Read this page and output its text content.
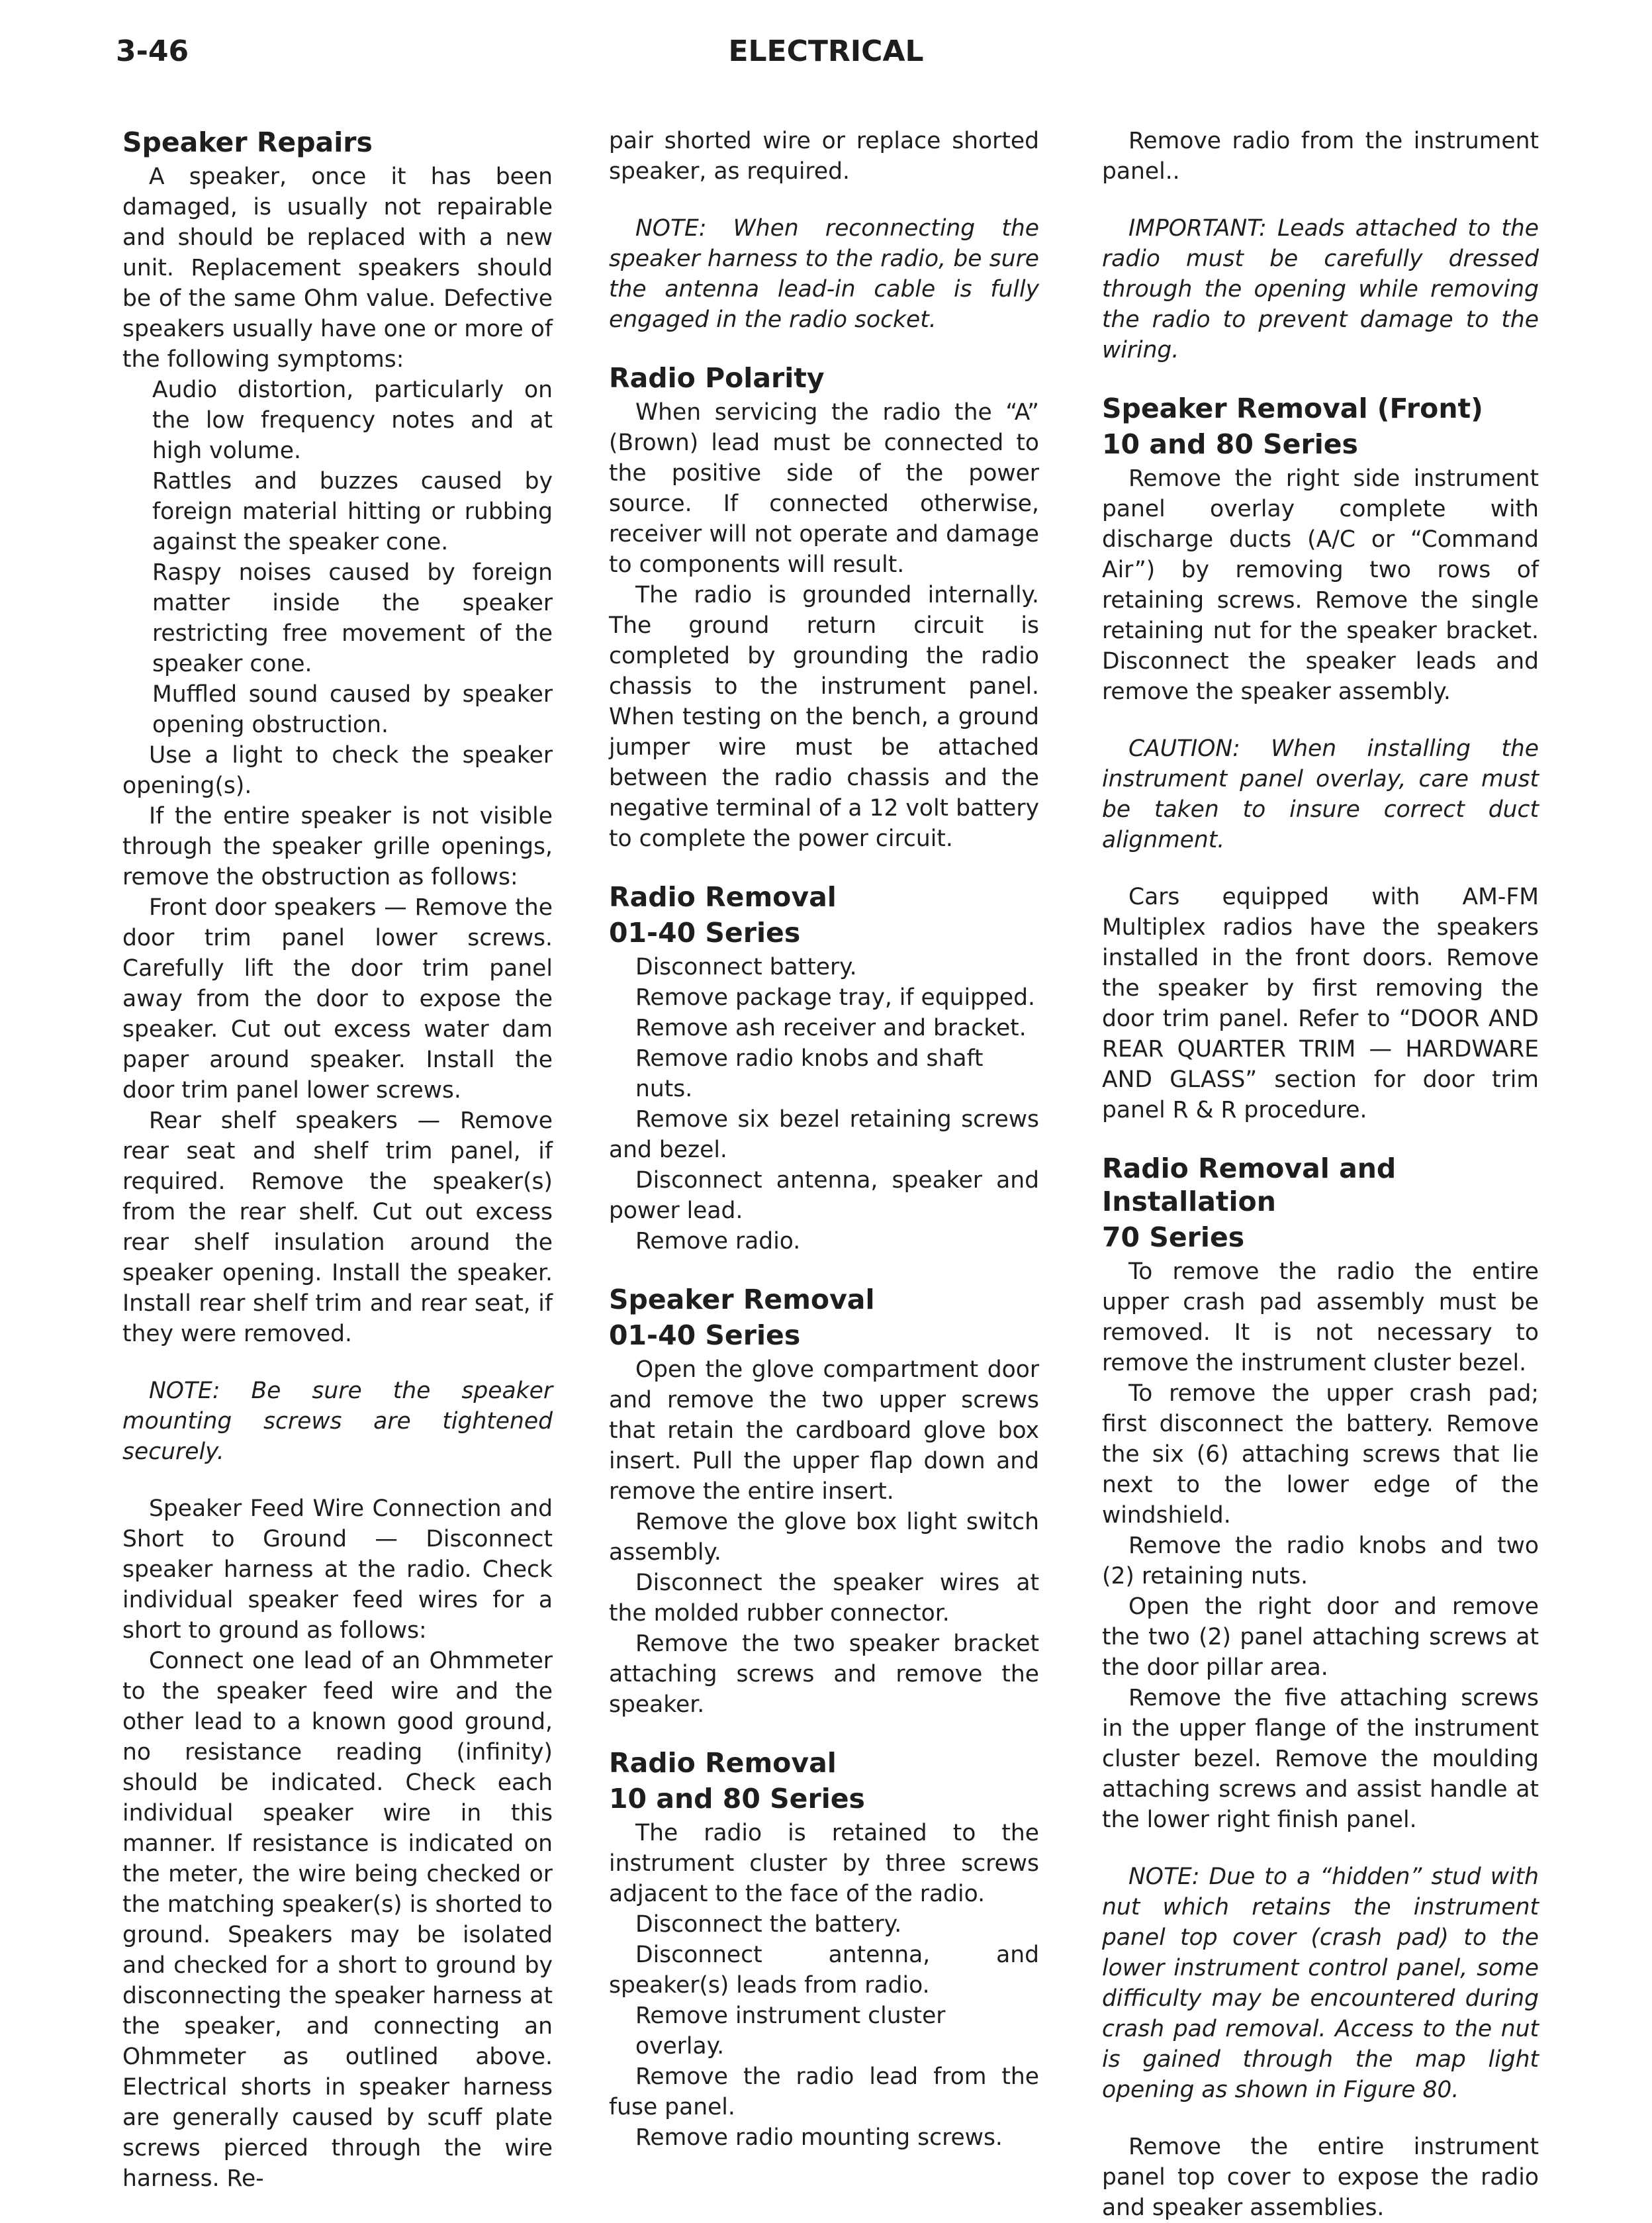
3-46	ELECTRICAL
Speaker Repairs

A speaker, once it has been damaged, is usually not repairable and should be replaced with a new unit. Replacement speakers should be of the same Ohm value. Defective speakers usually have one or more of the following symptoms:

Audio distortion, particularly on the low frequency notes and at high volume.

Rattles and buzzes caused by foreign material hitting or rubbing against the speaker cone.

Raspy noises caused by foreign matter inside the speaker restricting free movement of the speaker cone.

Muffled sound caused by speaker opening obstruction.

Use a light to check the speaker opening(s).

If the entire speaker is not visible through the speaker grille openings, remove the obstruction as follows:

Front door speakers — Remove the door trim panel lower screws. Carefully lift the door trim panel away from the door to expose the speaker. Cut out excess water dam paper around speaker. Install the door trim panel lower screws.

Rear shelf speakers — Remove rear seat and shelf trim panel, if required. Remove the speaker(s) from the rear shelf. Cut out excess rear shelf insulation around the speaker opening. Install the speaker. Install rear shelf trim and rear seat, if they were removed.

NOTE: Be sure the speaker mounting screws are tightened securely.

Speaker Feed Wire Connection and Short to Ground — Disconnect speaker harness at the radio. Check individual speaker feed wires for a short to ground as follows:

Connect one lead of an Ohmmeter to the speaker feed wire and the other lead to a known good ground, no resistance reading (infinity) should be indicated. Check each individual speaker wire in this manner. If resistance is indicated on the meter, the wire being checked or the matching speaker(s) is shorted to ground. Speakers may be isolated and checked for a short to ground by disconnecting the speaker harness at the speaker, and connecting an Ohmmeter as outlined above. Electrical shorts in speaker harness are generally caused by scuff plate screws pierced through the wire harness. Re-

pair shorted wire or replace shorted speaker, as required.

NOTE: When reconnecting the speaker harness to the radio, be sure the antenna lead-in cable is fully engaged in the radio socket.

Radio Polarity

When servicing the radio the “A” (Brown) lead must be connected to the positive side of the power source. If connected otherwise, receiver will not operate and damage to components will result.

The radio is grounded internally. The ground return circuit is completed by grounding the radio chassis to the instrument panel. When testing on the bench, a ground jumper wire must be attached between the radio chassis and the negative terminal of a 12 volt battery to complete the power circuit.

Radio Removal
01-40 Series

Disconnect battery.

Remove package tray, if equipped.

Remove ash receiver and bracket.

Remove radio knobs and shaft nuts.

Remove six bezel retaining screws and bezel.

Disconnect antenna, speaker and power lead.

Remove radio.

Speaker Removal
01-40 Series

Open the glove compartment door and remove the two upper screws that retain the cardboard glove box insert. Pull the upper flap down and remove the entire insert.

Remove the glove box light switch assembly.

Disconnect the speaker wires at the molded rubber connector.

Remove the two speaker bracket attaching screws and remove the speaker.

Radio Removal
10 and 80 Series

The radio is retained to the instrument cluster by three screws adjacent to the face of the radio.

Disconnect the battery.

Disconnect antenna, and speaker(s) leads from radio.

Remove instrument cluster overlay.

Remove the radio lead from the fuse panel.

Remove radio mounting screws.

Remove radio from the instrument panel..

IMPORTANT: Leads attached to the radio must be carefully dressed through the opening while removing the radio to prevent damage to the wiring.

Speaker Removal (Front)
10 and 80 Series

Remove the right side instrument panel overlay complete with discharge ducts (A/C or “Command Air”) by removing two rows of retaining screws. Remove the single retaining nut for the speaker bracket. Disconnect the speaker leads and remove the speaker assembly.

CAUTION: When installing the instrument panel overlay, care must be taken to insure correct duct alignment.

Cars equipped with AM-FM Multiplex radios have the speakers installed in the front doors. Remove the speaker by first removing the door trim panel. Refer to “DOOR AND REAR QUARTER TRIM — HARDWARE AND GLASS” section for door trim panel R & R procedure.

Radio Removal and Installation
70 Series

To remove the radio the entire upper crash pad assembly must be removed. It is not necessary to remove the instrument cluster bezel.

To remove the upper crash pad; first disconnect the battery. Remove the six (6) attaching screws that lie next to the lower edge of the windshield.

Remove the radio knobs and two (2) retaining nuts.

Open the right door and remove the two (2) panel attaching screws at the door pillar area.

Remove the five attaching screws in the upper flange of the instrument cluster bezel. Remove the moulding attaching screws and assist handle at the lower right finish panel.

NOTE: Due to a “hidden” stud with nut which retains the instrument panel top cover (crash pad) to the lower instrument control panel, some difficulty may be encountered during crash pad removal. Access to the nut is gained through the map light opening as shown in Figure 80.

Remove the entire instrument panel top cover to expose the radio and speaker assemblies.
